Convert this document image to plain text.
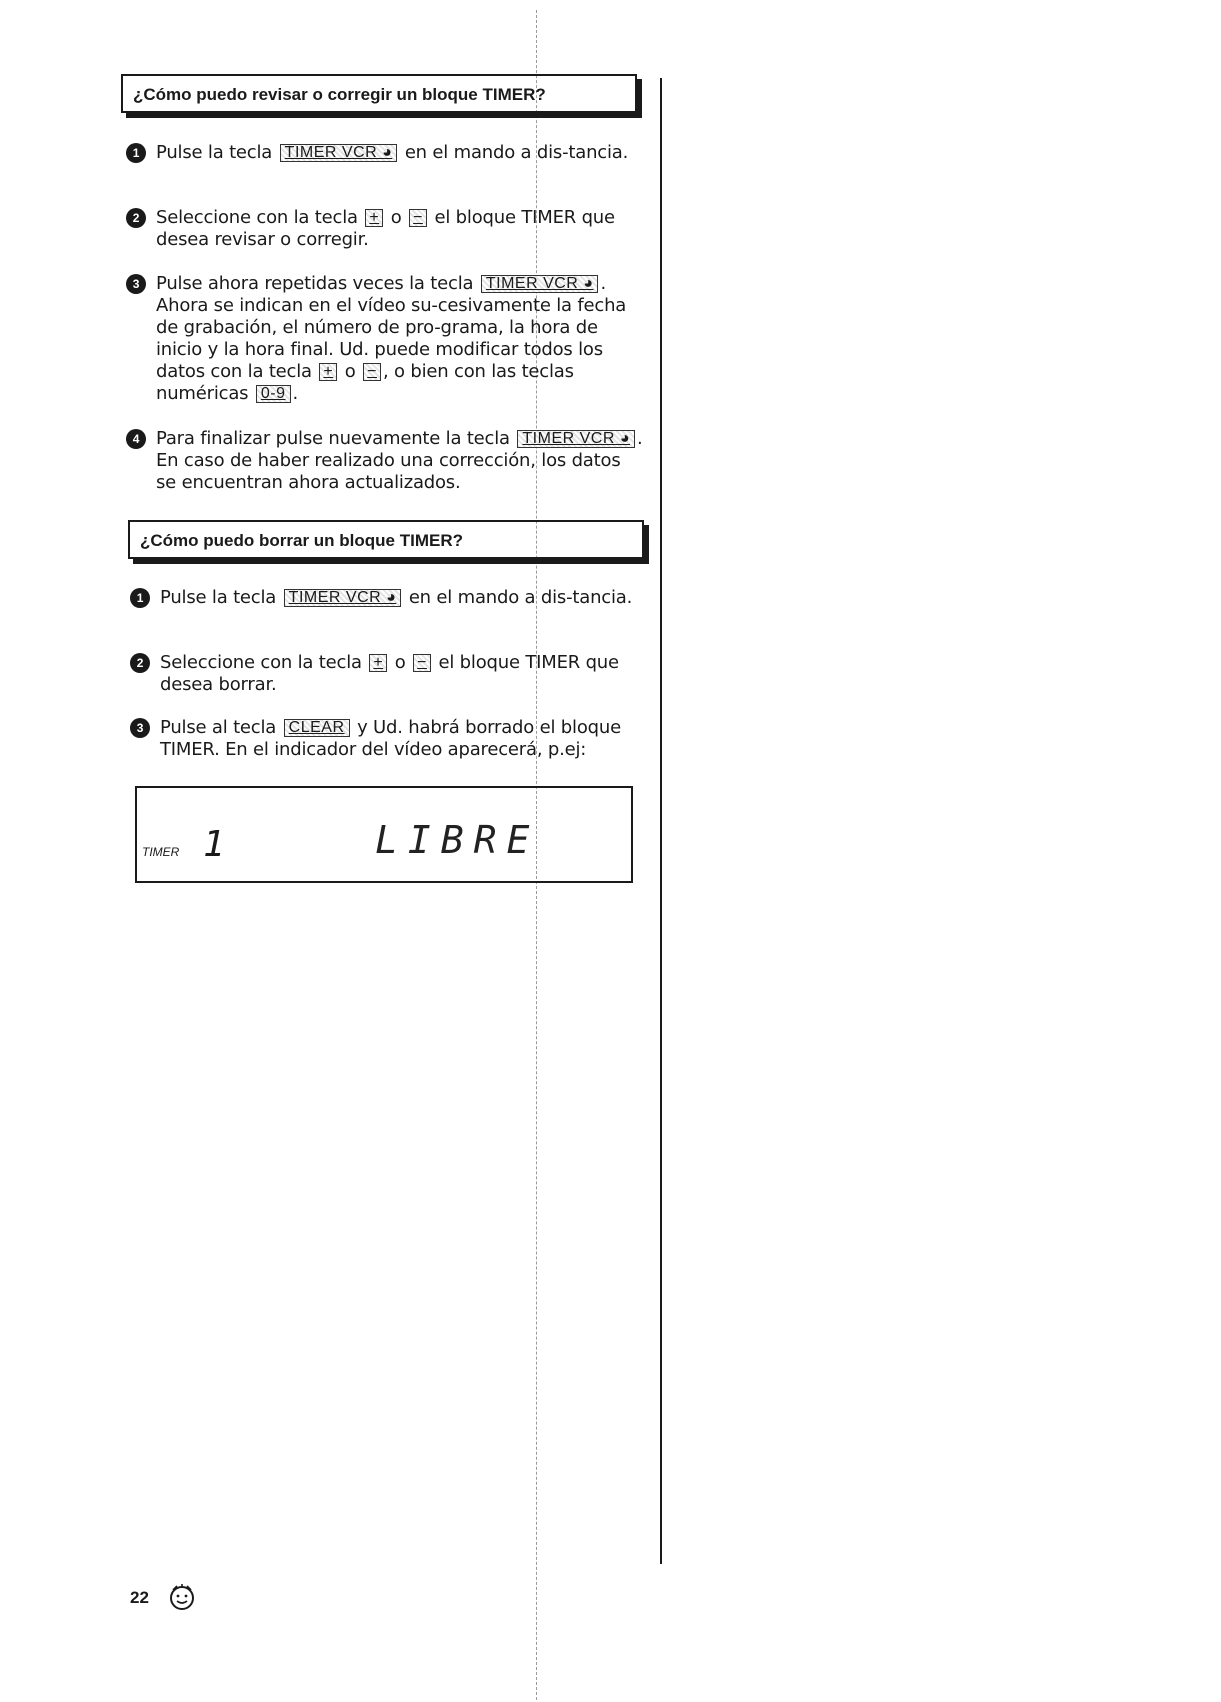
¿Cómo puedo revisar o corregir un bloque TIMER?
1 Pulse la tecla TIMER VCR ◕ en el mando a dis-tancia.
2 Seleccione con la tecla + o − el bloque TIMER que desea revisar o corregir.
3 Pulse ahora repetidas veces la tecla TIMER VCR ◕ . Ahora se indican en el vídeo su-cesivamente la fecha de grabación, el número de pro-grama, la hora de inicio y la hora final. Ud. puede modificar todos los datos con la tecla + o − , o bien con las teclas numéricas 0-9 .
4 Para finalizar pulse nuevamente la tecla TIMER VCR ◕ . En caso de haber realizado una corrección, los datos se encuentran ahora actualizados.
¿Cómo puedo borrar un bloque TIMER?
1 Pulse la tecla TIMER VCR ◕ en el mando a dis-tancia.
2 Seleccione con la tecla + o − el bloque TIMER que desea borrar.
3 Pulse al tecla CLEAR y Ud. habrá borrado el bloque TIMER. En el indicador del vídeo aparecerá, p.ej:
TIMER 1	LIBRE
22
